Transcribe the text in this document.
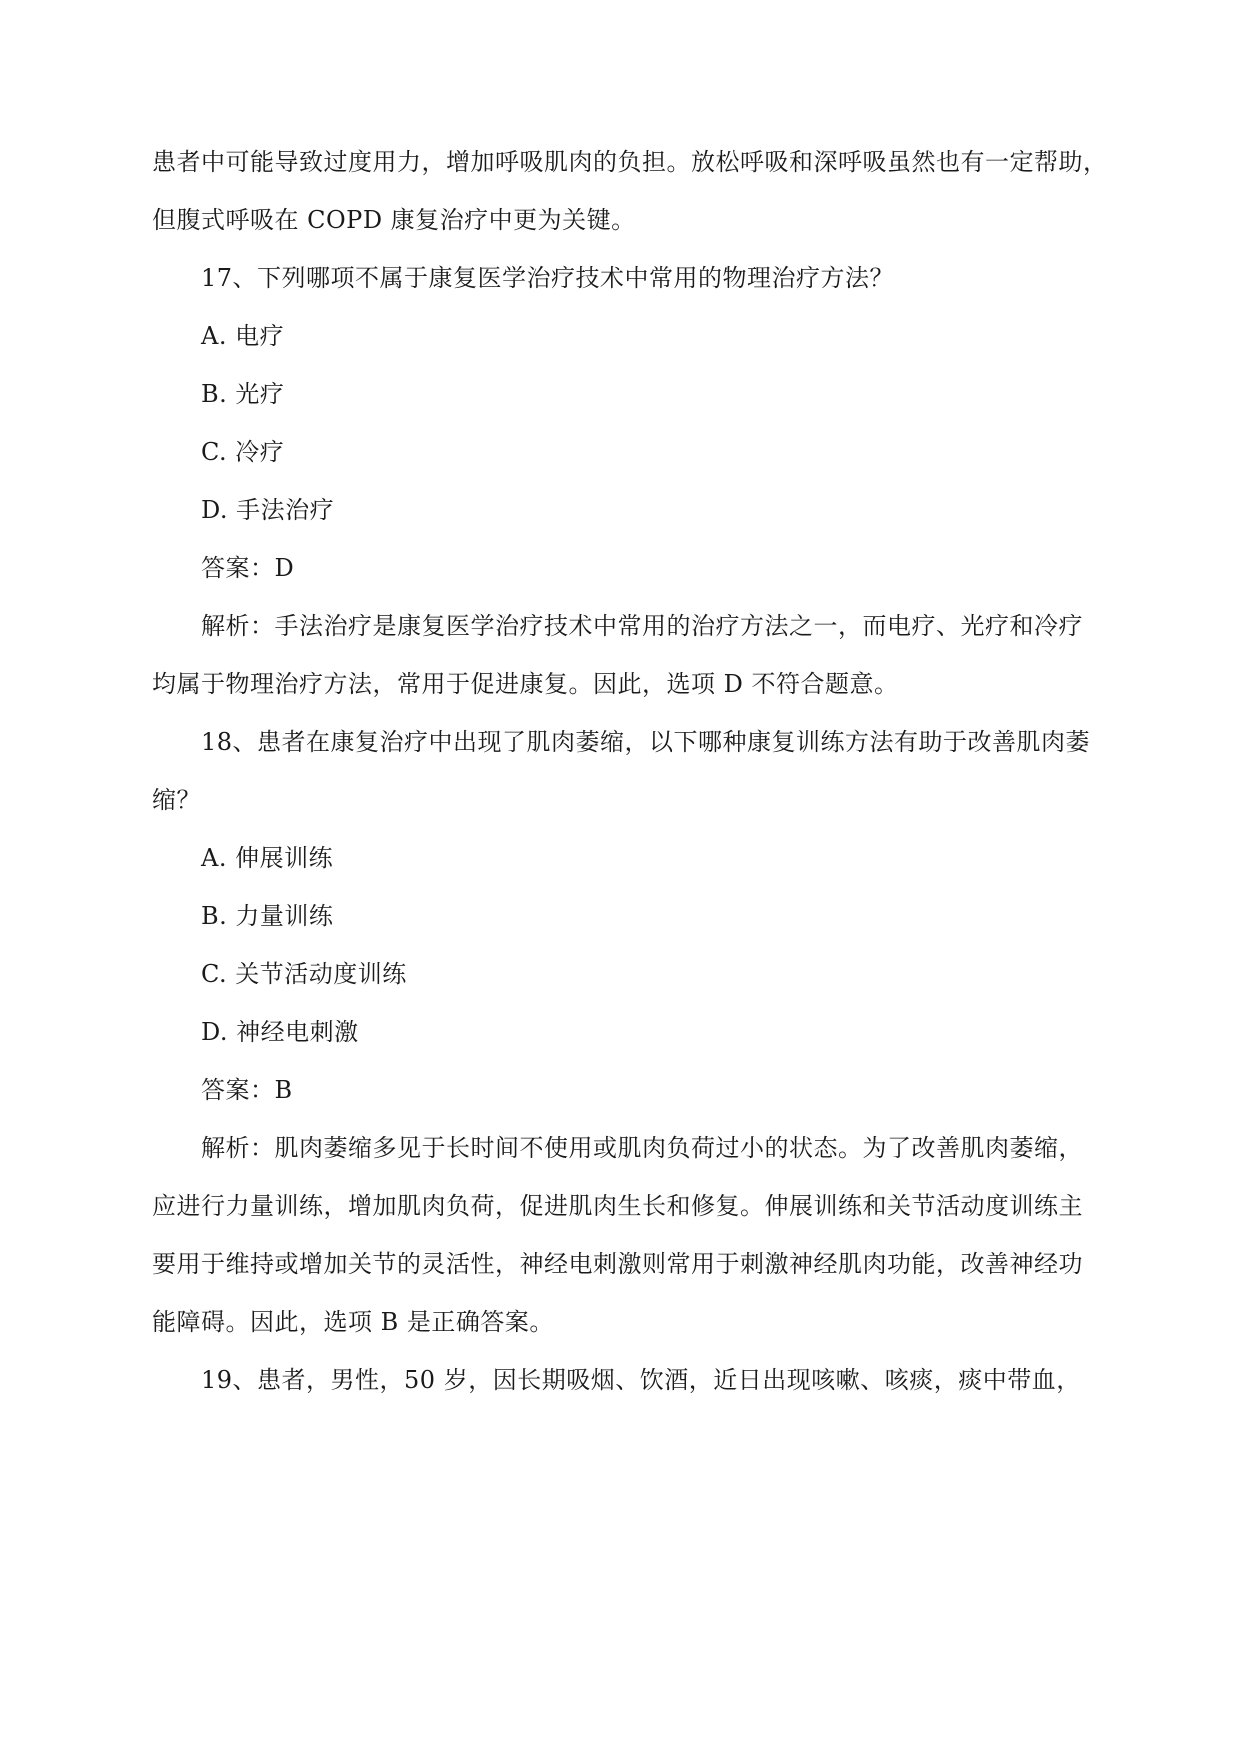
患者中可能导致过度用力，增加呼吸肌肉的负担。放松呼吸和深呼吸虽然也有一定帮助，
但腹式呼吸在 COPD 康复治疗中更为关键。
17、下列哪项不属于康复医学治疗技术中常用的物理治疗方法？
A. 电疗
B. 光疗
C. 冷疗
D. 手法治疗
答案：D
解析：手法治疗是康复医学治疗技术中常用的治疗方法之一，而电疗、光疗和冷疗
均属于物理治疗方法，常用于促进康复。因此，选项 D 不符合题意。
18、患者在康复治疗中出现了肌肉萎缩，以下哪种康复训练方法有助于改善肌肉萎
缩？
A. 伸展训练
B. 力量训练
C. 关节活动度训练
D. 神经电刺激
答案：B
解析：肌肉萎缩多见于长时间不使用或肌肉负荷过小的状态。为了改善肌肉萎缩，
应进行力量训练，增加肌肉负荷，促进肌肉生长和修复。伸展训练和关节活动度训练主
要用于维持或增加关节的灵活性，神经电刺激则常用于刺激神经肌肉功能，改善神经功
能障碍。因此，选项 B 是正确答案。
19、患者，男性，50 岁，因长期吸烟、饮酒，近日出现咳嗽、咳痰，痰中带血，
